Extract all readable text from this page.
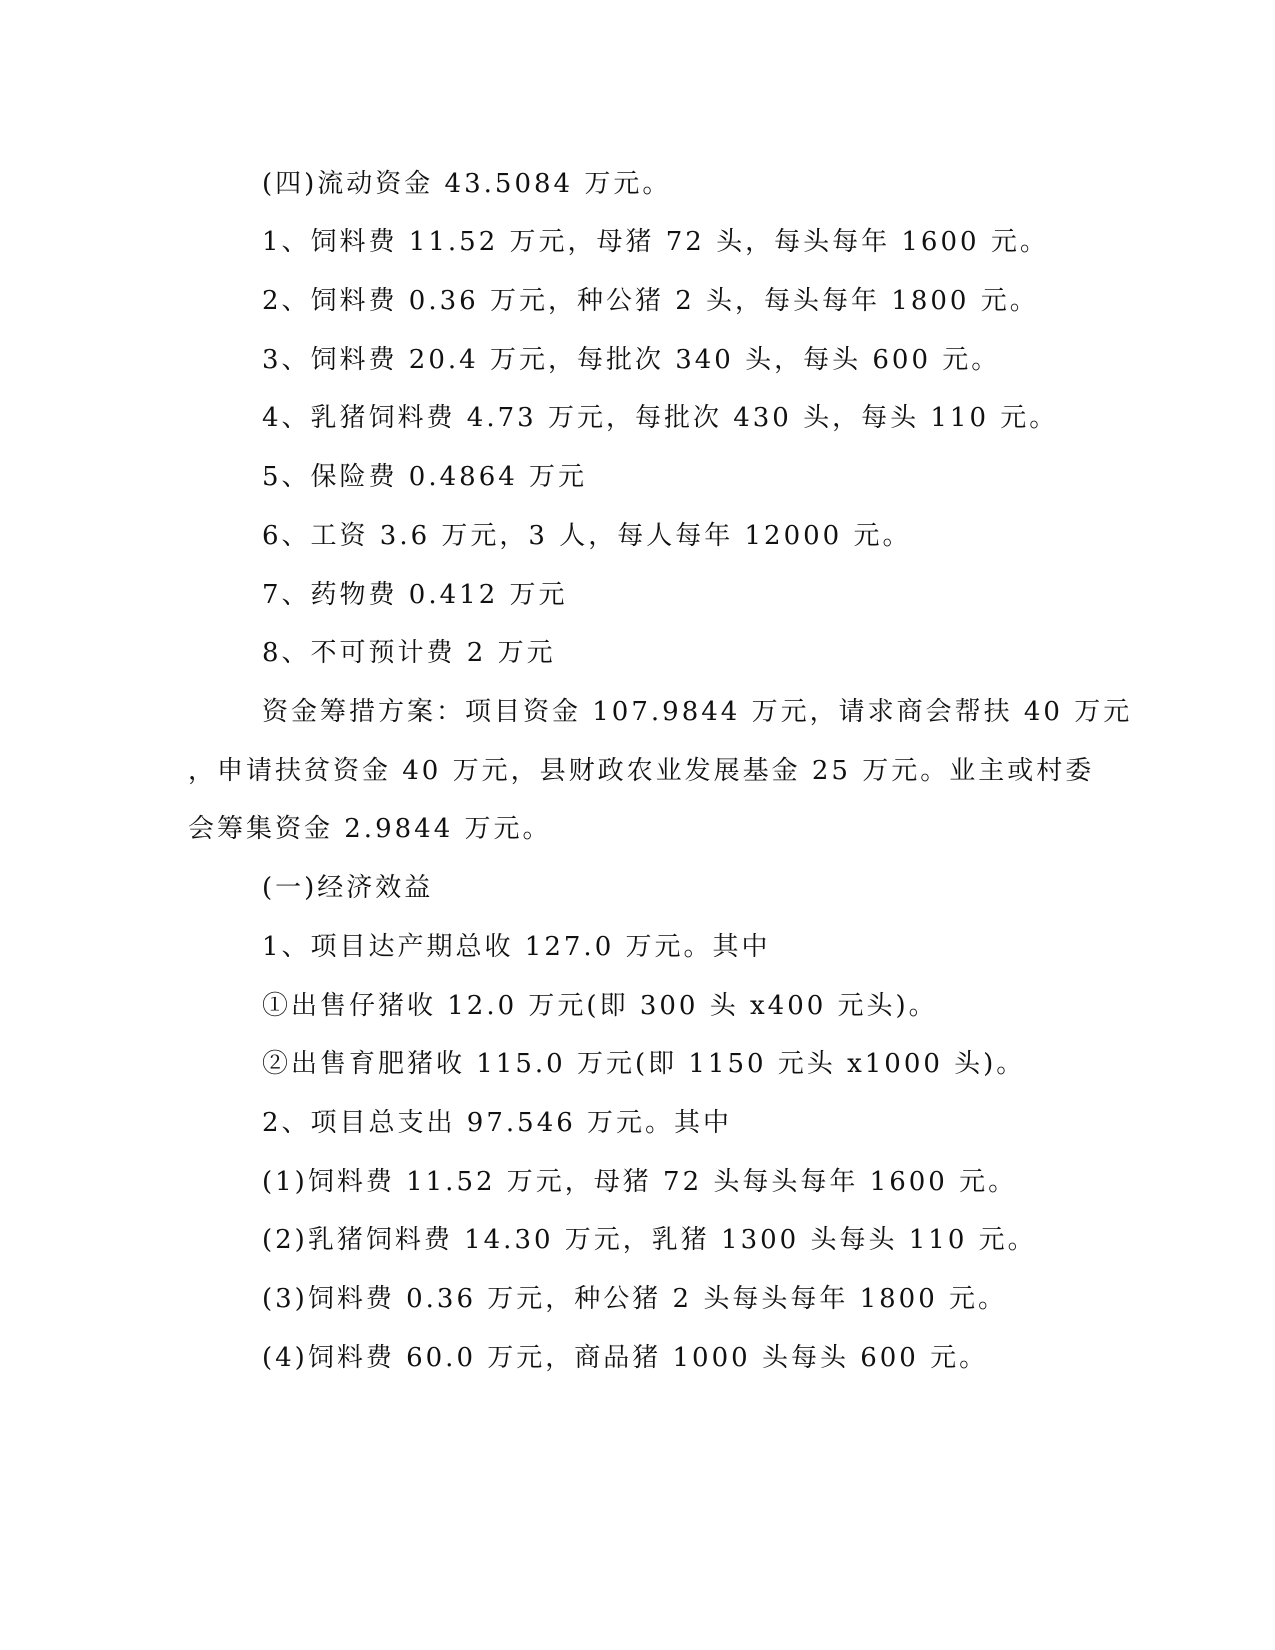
(四)流动资金 43.5084 万元。
1、饲料费 11.52 万元，母猪 72 头，每头每年 1600 元。
2、饲料费 0.36 万元，种公猪 2 头，每头每年 1800 元。
3、饲料费 20.4 万元，每批次 340 头，每头 600 元。
4、乳猪饲料费 4.73 万元，每批次 430 头，每头 110 元。
5、保险费 0.4864 万元
6、工资 3.6 万元，3 人，每人每年 12000 元。
7、药物费 0.412 万元
8、不可预计费 2 万元
资金筹措方案：项目资金 107.9844 万元，请求商会帮扶 40 万元
，申请扶贫资金 40 万元，县财政农业发展基金 25 万元。业主或村委
会筹集资金 2.9844 万元。
(一)经济效益
1、项目达产期总收 127.0 万元。其中
①出售仔猪收 12.0 万元(即 300 头 x400 元头)。
②出售育肥猪收 115.0 万元(即 1150 元头 x1000 头)。
2、项目总支出 97.546 万元。其中
(1)饲料费 11.52 万元，母猪 72 头每头每年 1600 元。
(2)乳猪饲料费 14.30 万元，乳猪 1300 头每头 110 元。
(3)饲料费 0.36 万元，种公猪 2 头每头每年 1800 元。
(4)饲料费 60.0 万元，商品猪 1000 头每头 600 元。
